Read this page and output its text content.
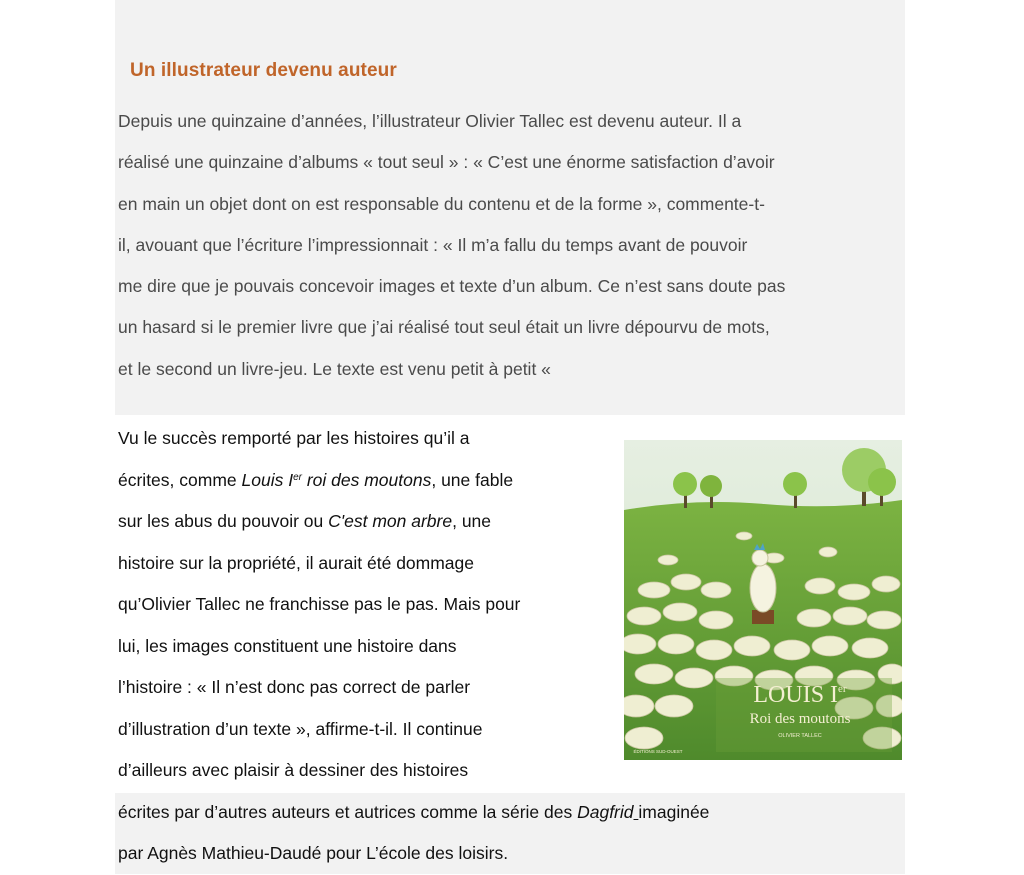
Un illustrateur devenu auteur
Depuis une quinzaine d’années, l’illustrateur Olivier Tallec est devenu auteur. Il a
réalisé une quinzaine d’albums « tout seul » : « C’est une énorme satisfaction d’avoir
en main un objet dont on est responsable du contenu et de la forme », commente-t-
il, avouant que l’écriture l’impressionnait : « Il m’a fallu du temps avant de pouvoir
me dire que je pouvais concevoir images et texte d’un album. Ce n’est sans doute pas
un hasard si le premier livre que j’ai réalisé tout seul était un livre dépourvu de mots,
et le second un livre-jeu. Le texte est venu petit à petit «
Vu le succès remporté par les histoires qu’il a
écrites, comme Louis Ier roi des moutons, une fable
sur les abus du pouvoir ou C'est mon arbre, une
histoire sur la propriété, il aurait été dommage
qu’Olivier Tallec ne franchisse pas le pas. Mais pour
lui, les images constituent une histoire dans
l’histoire : « Il n’est donc pas correct de parler
d’illustration d’un texte », affirme-t-il. Il continue
d’ailleurs avec plaisir à dessiner des histoires
écrites par d’autres auteurs et autrices comme la série des Dagfrid imaginée
par Agnès Mathieu-Daudé pour L’école des loisirs.
LOUIS Ier
Roi des moutons
OLIVIER TALLEC
ÉDITIONS SUD-OUEST
